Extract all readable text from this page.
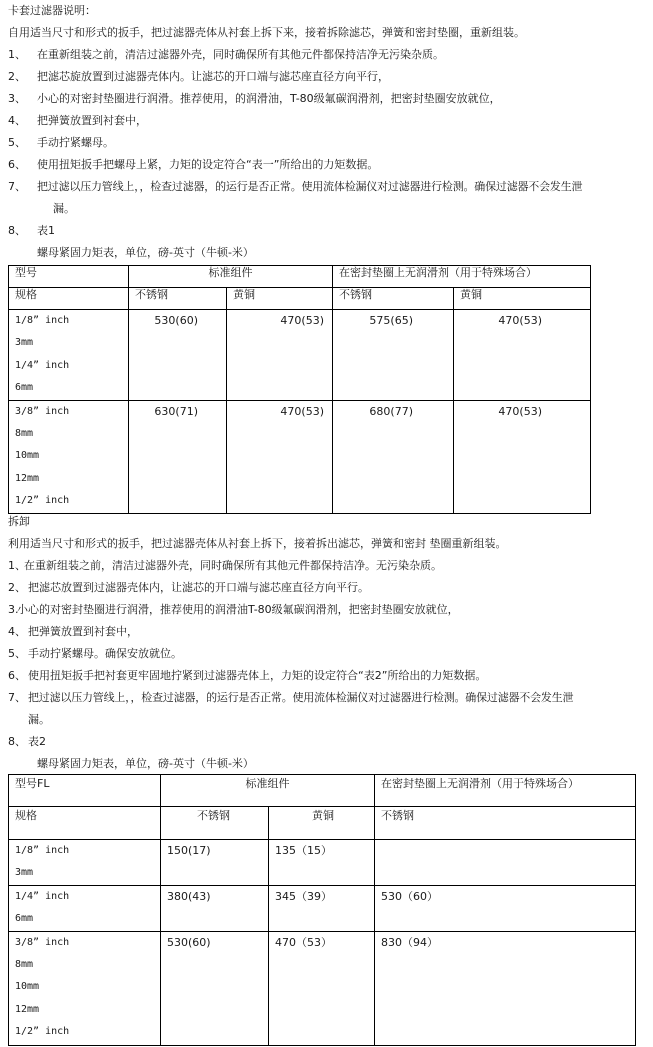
卡套过滤器说明：
自用适当尺寸和形式的扳手，把过滤器壳体从衬套上拆下来，接着拆除滤芯，弹簧和密封垫圈，重新组装。
1、 在重新组装之前，清洁过滤器外壳，同时确保所有其他元件都保持洁净无污染杂质。
2、 把滤芯旋放置到过滤器壳体内。让滤芯的开口端与滤芯座直径方向平行，
3、 小心的对密封垫圈进行润滑。推荐使用，的润滑油，T-80级氟碳润滑剂，把密封垫圈安放就位，
4、 把弹簧放置到衬套中，
5、 手动拧紧螺母。
6、 使用扭矩扳手把螺母上紧，力矩的设定符合“表一”所给出的力矩数据。
7、 把过滤以压力管线上，，检查过滤器，的运行是否正常。使用流体检漏仪对过滤器进行检测。确保过滤器不会发生泄
漏。
8、 表1
螺母紧固力矩表，单位，磅-英寸（牛顿-米）
型号	标准组件		在密封垫圈上无润滑剂（用于特殊场合）	
规格	不锈钢	黄铜	不锈钢	黄铜

1/8” inch
3mm
1/4” inch
6mm	530(60)	470(53)	575(65)	470(53)

3/8” inch
8mm
10mm
12mm
1/2” inch	630(71)	470(53)	680(77)	470(53)
拆卸
利用适当尺寸和形式的扳手，把过滤器壳体从衬套上拆下，接着拆出滤芯，弹簧和密封 垫圈重新组装。
1、
在重新组装之前，清洁过滤器外壳，同时确保所有其他元件都保持洁净。无污染杂质。
2、 把滤芯放置到过滤器壳体内，让滤芯的开口端与滤芯座直径方向平行。
3.
小心的对密封垫圈进行润滑，推荐使用的润滑油T-80级氟碳润滑剂，把密封垫圈安放就位，
4、 把弹簧放置到衬套中，
5、 手动拧紧螺母。确保安放就位。
6、 使用扭矩扳手把衬套更牢固地拧紧到过滤器壳体上，力矩的设定符合“表2”所给出的力矩数据。
7、 把过滤以压力管线上，，检查过滤器，的运行是否正常。使用流体检漏仪对过滤器进行检测。确保过滤器不会发生泄
漏。
8、 表2
螺母紧固力矩表，单位，磅-英寸（牛顿-米）
型号FL	标准组件		在密封垫圈上无润滑剂（用于特殊场合）
规格	不锈钢	黄铜	不锈钢

1/8” inch
3mm	150(17)	135（15）	

1/4” inch
6mm	380(43)	345（39）	530（60）

3/8” inch
8mm
10mm
12mm
1/2” inch	530(60)	470（53）	830（94）
